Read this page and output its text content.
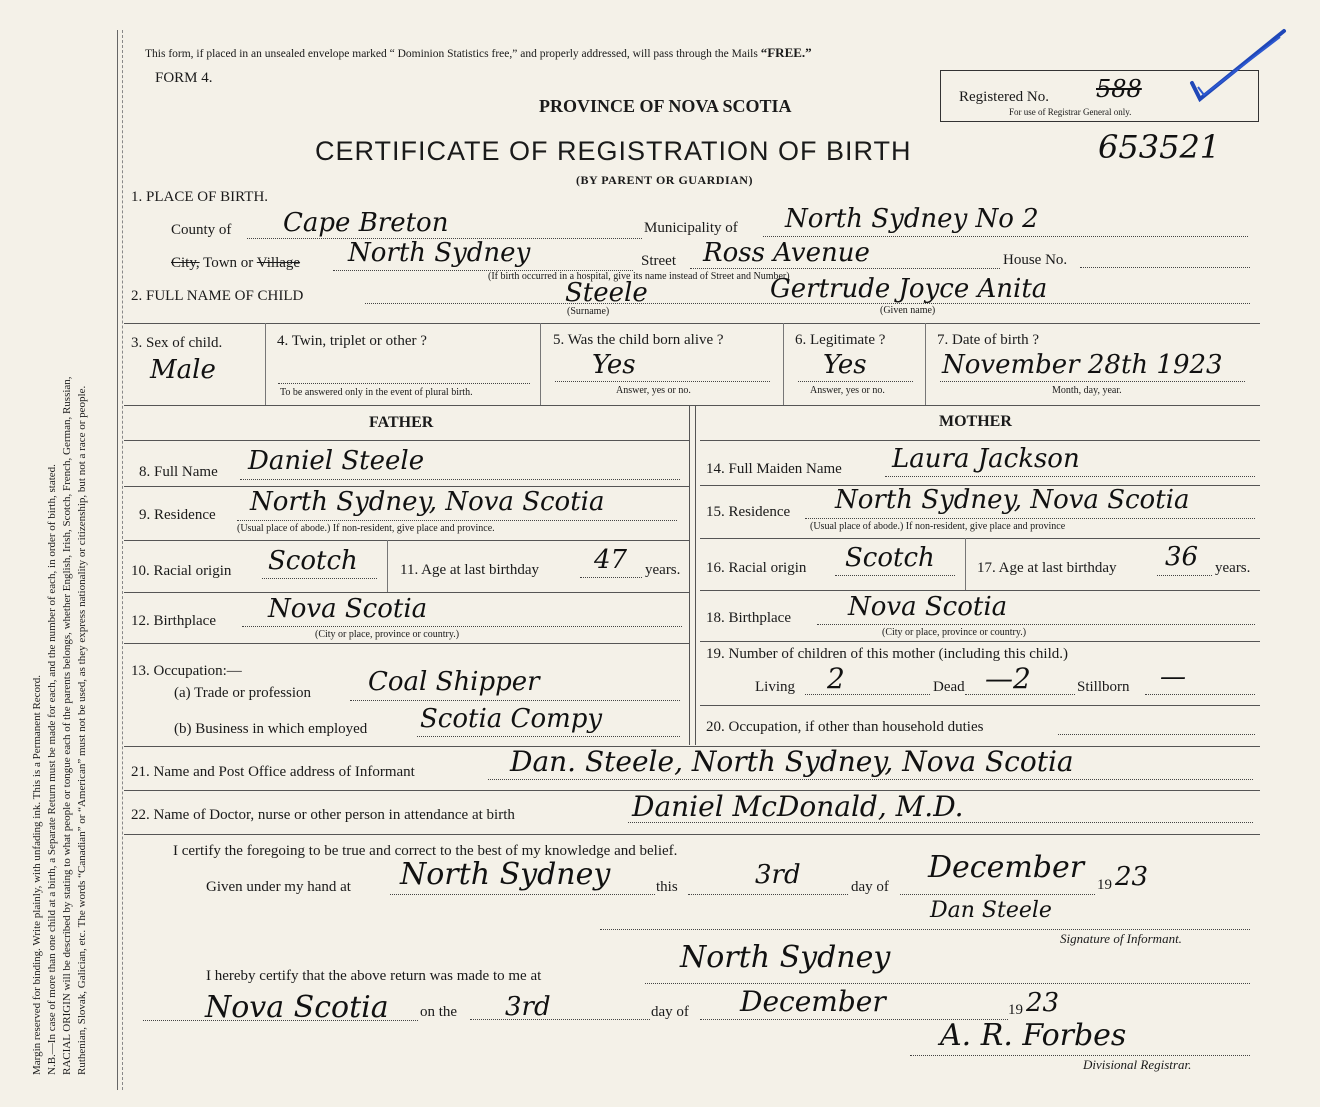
Margin reserved for binding. Write plainly, with unfading ink. This is a Permanent Record. N.B.—In case of more than one child at a birth, a Separate Return must be made for each, and the number of each, in order of birth, stated. RACIAL ORIGIN will be described by stating to what people or tongue each of the parents belongs, whether English, Irish, Scotch, French, German, Russian, Ruthenian, Slovak, Galician, etc. The words “Canadian” or “American” must not be used, as they express nationality or citizenship, but not a race or people.
This form, if placed in an unsealed envelope marked “ Dominion Statistics free,” and properly addressed, will pass through the Mails “FREE.”
FORM 4.
PROVINCE OF NOVA SCOTIA
CERTIFICATE OF REGISTRATION OF BIRTH	653521
(BY PARENT OR GUARDIAN)
Registered No. 588
For use of Registrar General only.
1. PLACE OF BIRTH.
County of Cape Breton	Municipality of North Sydney No 2
City, Town or Village North Sydney	Street Ross Avenue	House No.
(If birth occurred in a hospital, give its name instead of Street and Number)
2. FULL NAME OF CHILD	Steele	Gertrude Joyce Anita
(Surname)	(Given name)
3. Sex of child.
Male
4. Twin, triplet or other ?
To be answered only in the event of plural birth.
5. Was the child born alive ?
Yes
Answer, yes or no.
6. Legitimate ?
Yes
Answer, yes or no.
7. Date of birth ?
November 28th 1923
Month, day, year.
FATHER	MOTHER
8. Full Name Daniel Steele
9. Residence North Sydney, Nova Scotia
(Usual place of abode.) If non-resident, give place and province.
10. Racial origin Scotch	11. Age at last birthday 47 years.
12. Birthplace Nova Scotia
(City or place, province or country.)
13. Occupation:—
(a) Trade or profession Coal Shipper
(b) Business in which employed Scotia Compy
14. Full Maiden Name Laura Jackson
15. Residence North Sydney, Nova Scotia
(Usual place of abode.) If non-resident, give place and province
16. Racial origin Scotch	17. Age at last birthday 36 years.
18. Birthplace Nova Scotia
(City or place, province or country.)
19. Number of children of this mother (including this child.)
Living 2	Dead —2	Stillborn —
20. Occupation, if other than household duties
21. Name and Post Office address of Informant	Dan. Steele, North Sydney, Nova Scotia
22. Name of Doctor, nurse or other person in attendance at birth	Daniel McDonald, M.D.
I certify the foregoing to be true and correct to the best of my knowledge and belief.
Given under my hand at North Sydney	this	3rd	day of
December 19 23
Dan Steele
Signature of Informant.
I hereby certify that the above return was made to me at
North Sydney
Nova Scotia on the 3rd	day of December	19 23
A. R. Forbes
Divisional Registrar.
